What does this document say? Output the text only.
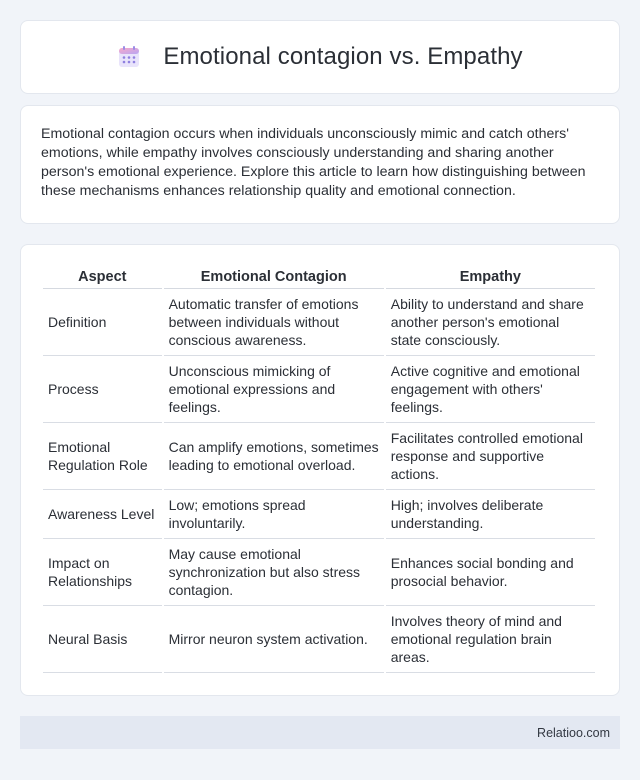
Emotional contagion vs. Empathy

Emotional contagion occurs when individuals unconsciously mimic and catch others' emotions, while empathy involves consciously understanding and sharing another person's emotional experience. Explore this article to learn how distinguishing between these mechanisms enhances relationship quality and emotional connection.

Aspect	Emotional Contagion	Empathy
Definition	Automatic transfer of emotions between individuals without conscious awareness.	Ability to understand and share another person's emotional state consciously.
Process	Unconscious mimicking of emotional expressions and feelings.	Active cognitive and emotional engagement with others' feelings.
Emotional Regulation Role	Can amplify emotions, sometimes leading to emotional overload.	Facilitates controlled emotional response and supportive actions.
Awareness Level	Low; emotions spread involuntarily.	High; involves deliberate understanding.
Impact on Relationships	May cause emotional synchronization but also stress contagion.	Enhances social bonding and prosocial behavior.
Neural Basis	Mirror neuron system activation.	Involves theory of mind and emotional regulation brain areas.
Relatioo.com
